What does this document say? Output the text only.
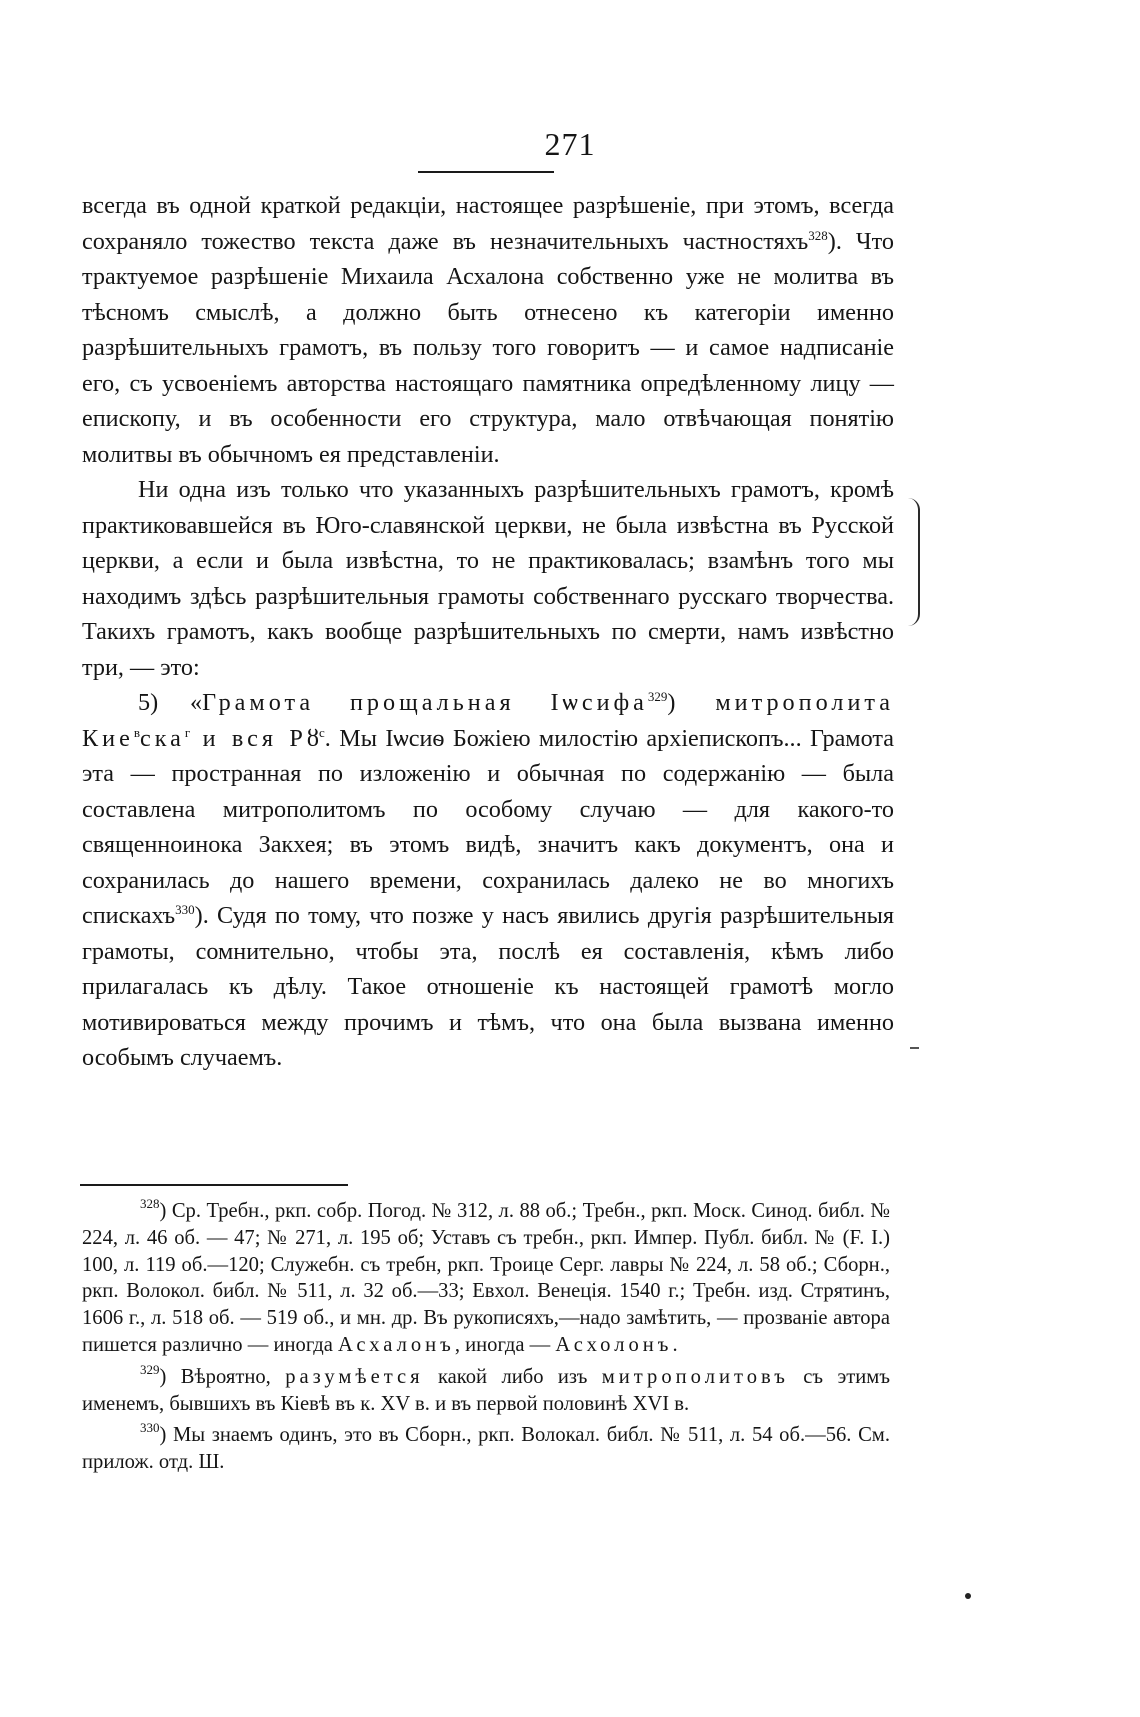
271

всегда въ одной краткой редакціи, настоящее разрѣшеніе, при этомъ, всегда сохраняло тожество текста даже въ незначительныхъ частностяхъ$^{328}$). Что трактуемое разрѣшеніе Михаила Асхалона собственно уже не молитва въ тѣсномъ смыслѣ, а должно быть отнесено къ категоріи именно разрѣшительныхъ грамотъ, въ пользу того говоритъ — и самое надписаніе его, съ усвоеніемъ авторства настоящаго памятника опредѣленному лицу — епископу, и въ особенности его структура, мало отвѣчающая понятію молитвы въ обычномъ ея представленіи.

Ни одна изъ только что указанныхъ разрѣшительныхъ грамотъ, кромѣ практиковавшейся въ Юго-славянской церкви, не была извѣстна въ Русской церкви, а если и была извѣстна, то не практиковалась; взамѣнъ того мы находимъ здѣсь разрѣшительныя грамоты собственнаго русскаго творчества. Такихъ грамотъ, какъ вообще разрѣшительныхъ по смерти, намъ извѣстно три, — это:

5) «Грамота прощальная Іѡсифа$^{329}$) митрополита Кие$^в$ска$^г$ и вся $Рȣ^с$. Мы Іѡсиѳ Божіею милостію архіепископъ... Грамота эта — пространная по изложенію и обычная по содержанію — была составлена митрополитомъ по особому случаю — для какого-то священноинока Закхея; въ этомъ видѣ, значитъ какъ документъ, она и сохранилась до нашего времени, сохранилась далеко не во многихъ спискахъ$^{330}$). Судя по тому, что позже у насъ явились другія разрѣшительныя грамоты, сомнительно, чтобы эта, послѣ ея составленія, кѣмъ либо прилагалась къ дѣлу. Такое отношеніе къ настоящей грамотѣ могло мотивироваться между прочимъ и тѣмъ, что она была вызвана именно особымъ случаемъ.

$^{328}$) Ср. Требн., ркп. собр. Погод. № 312, л. 88 об.; Требн., ркп. Моск. Синод. библ. № 224, л. 46 об. — 47; № 271, л. 195 об; Уставъ съ требн., ркп. Импер. Публ. библ. № (F. I.) 100, л. 119 об.—120; Служебн. съ требн, ркп. Троице Серг. лавры № 224, л. 58 об.; Сборн., ркп. Волокол. библ. № 511, л. 32 об.—33; Евхол. Венеція. 1540 г.; Требн. изд. Стрятинъ, 1606 г., л. 518 об. — 519 об., и мн. др. Въ рукописяхъ,—надо замѣтить, — прозваніе автора пишется различно — иногда Асхалонъ, иногда — Асхолонъ.

$^{329}$) Вѣроятно, разумѣется какой либо изъ митрополитовъ съ этимъ именемъ, бывшихъ въ Кіевѣ въ к. XV в. и въ первой половинѣ XVI в.

$^{330}$) Мы знаемъ одинъ, это въ Сборн., ркп. Волокал. библ. № 511, л. 54 об.—56. См. прилож. отд. Ш.
